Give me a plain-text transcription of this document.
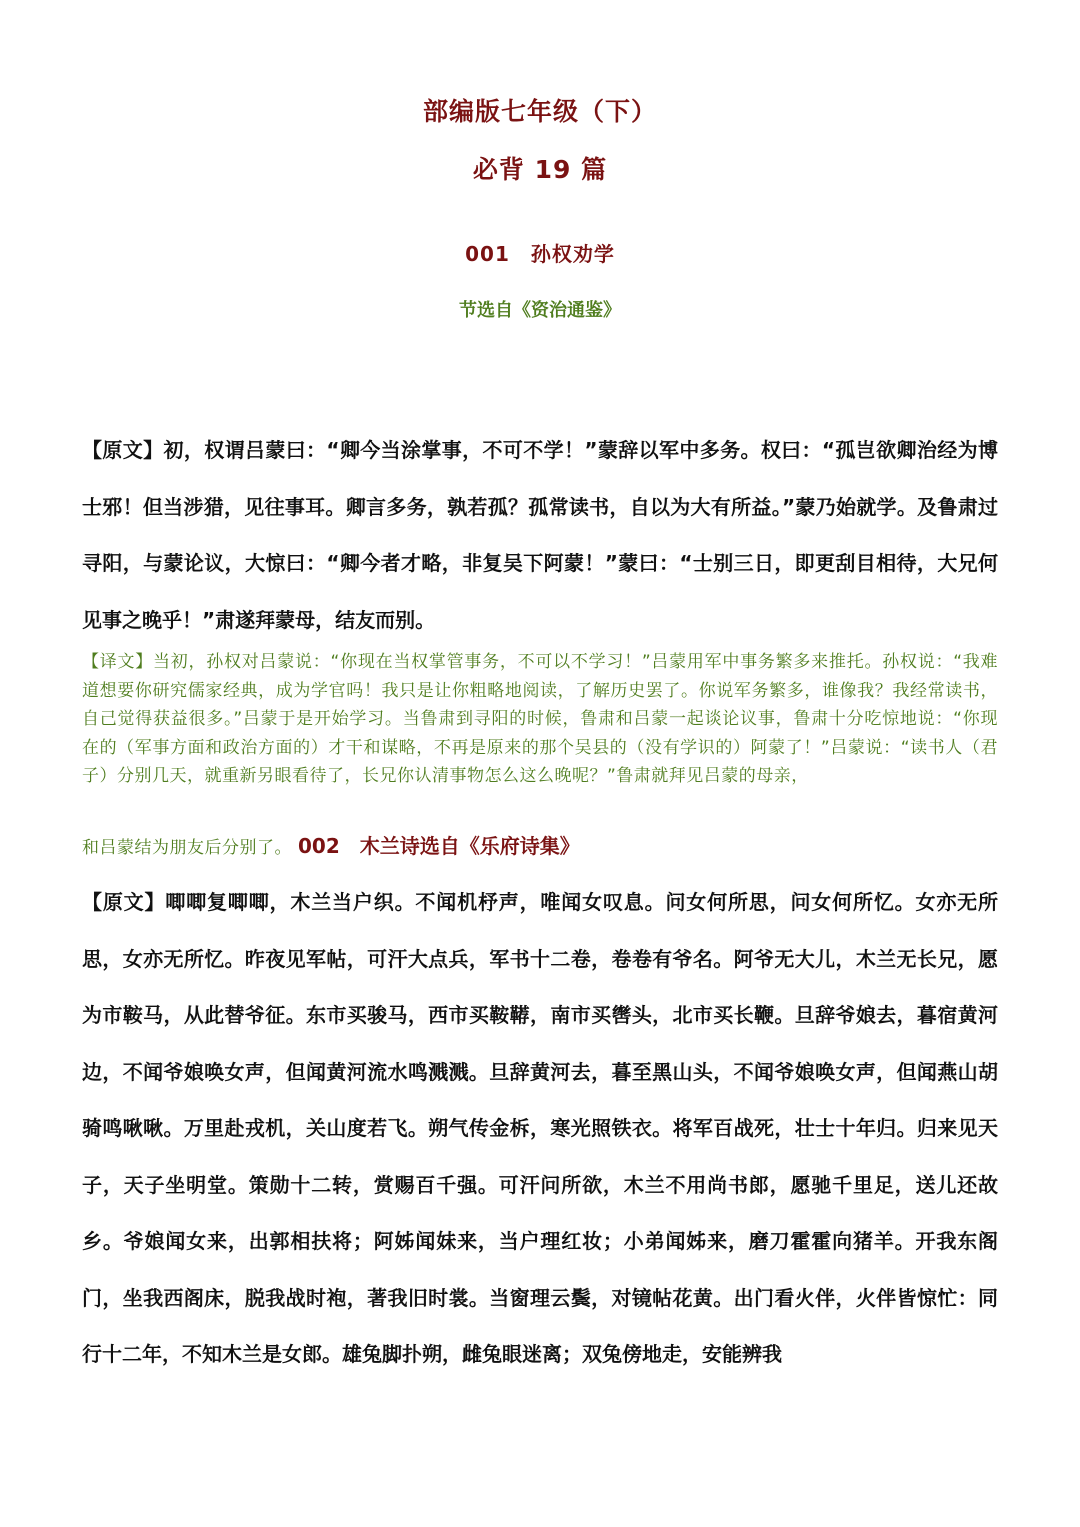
部编版七年级（下）
必背 19 篇
001　孙权劝学
节选自《资治通鉴》

【原文】初，权谓吕蒙曰：“卿今当涂掌事，不可不学！”蒙辞以军中多务。权曰：“孤岂欲卿治经为博士邪！但当涉猎，见往事耳。卿言多务，孰若孤？孤常读书，自以为大有所益。”蒙乃始就学。及鲁肃过寻阳，与蒙论议，大惊曰：“卿今者才略，非复吴下阿蒙！”蒙曰：“士别三日，即更刮目相待，大兄何见事之晚乎！”肃遂拜蒙母，结友而别。

【译文】当初，孙权对吕蒙说：“你现在当权掌管事务，不可以不学习！”吕蒙用军中事务繁多来推托。孙权说：“我难道想要你研究儒家经典，成为学官吗！我只是让你粗略地阅读，了解历史罢了。你说军务繁多，谁像我？我经常读书，自己觉得获益很多。”吕蒙于是开始学习。当鲁肃到寻阳的时候，鲁肃和吕蒙一起谈论议事，鲁肃十分吃惊地说：“你现在的（军事方面和政治方面的）才干和谋略，不再是原来的那个吴县的（没有学识的）阿蒙了！”吕蒙说：“读书人（君子）分别几天，就重新另眼看待了，长兄你认清事物怎么这么晚呢？”鲁肃就拜见吕蒙的母亲，

和吕蒙结为朋友后分别了。 002　木兰诗选自《乐府诗集》

【原文】唧唧复唧唧，木兰当户织。不闻机杼声，唯闻女叹息。问女何所思，问女何所忆。女亦无所思，女亦无所忆。昨夜见军帖，可汗大点兵，军书十二卷，卷卷有爷名。阿爷无大儿，木兰无长兄，愿为市鞍马，从此替爷征。东市买骏马，西市买鞍鞯，南市买辔头，北市买长鞭。旦辞爷娘去，暮宿黄河边，不闻爷娘唤女声，但闻黄河流水鸣溅溅。旦辞黄河去，暮至黑山头，不闻爷娘唤女声，但闻燕山胡骑鸣啾啾。万里赴戎机，关山度若飞。朔气传金柝，寒光照铁衣。将军百战死，壮士十年归。归来见天子，天子坐明堂。策勋十二转，赏赐百千强。可汗问所欲，木兰不用尚书郎，愿驰千里足，送儿还故乡。爷娘闻女来，出郭相扶将；阿姊闻妹来，当户理红妆；小弟闻姊来，磨刀霍霍向猪羊。开我东阁门，坐我西阁床，脱我战时袍，著我旧时裳。当窗理云鬓，对镜帖花黄。出门看火伴，火伴皆惊忙：同行十二年，不知木兰是女郎。雄兔脚扑朔，雌兔眼迷离；双兔傍地走，安能辨我
